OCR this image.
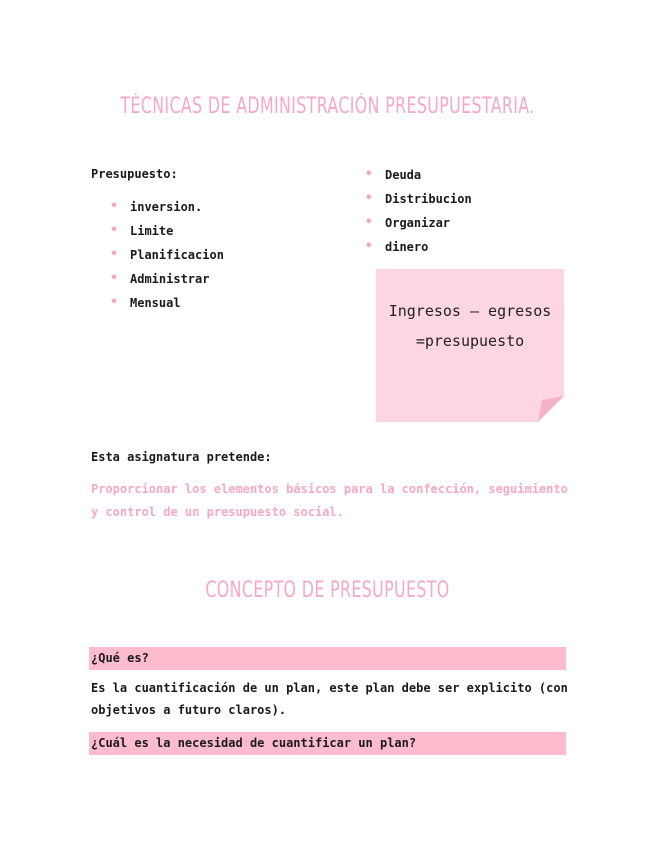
TÉCNICAS DE ADMINISTRACIÓN PRESUPUESTARIA.
Presupuesto:
• inversion.
• Limite
• Planificacion
• Administrar
• Mensual
• Deuda
• Distribucion
• Organizar
• dinero
Ingresos – egresos
=presupuesto
Esta asignatura pretende:
Proporcionar los elementos básicos para la confección, seguimiento y control de un presupuesto social.
CONCEPTO DE PRESUPUESTO
¿Qué es?
Es la cuantificación de un plan, este plan debe ser explicito (con objetivos a futuro claros).
¿Cuál es la necesidad de cuantificar un plan?
